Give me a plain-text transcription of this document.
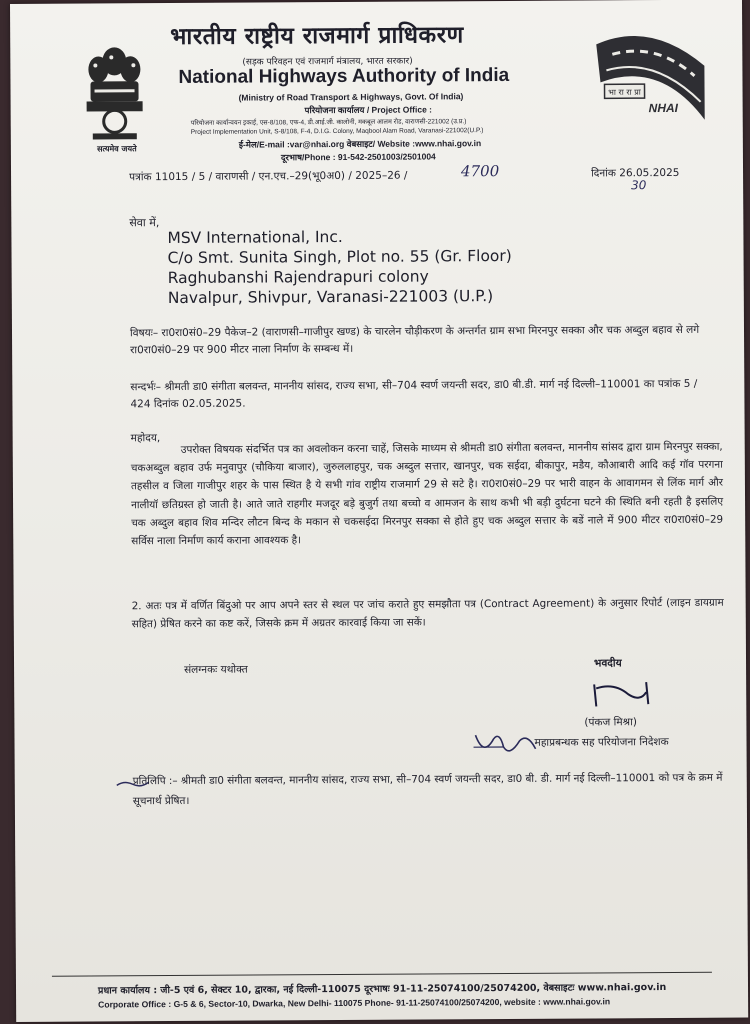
सत्यमेव जयते
भारतीय राष्ट्रीय राजमार्ग प्राधिकरण
(सड़क परिवहन एवं राजमार्ग मंत्रालय, भारत सरकार)
National Highways Authority of India
(Ministry of Road Transport & Highways, Govt. Of India)
परियोजना कार्यालय / Project Office :
परियोजना कार्यान्वयन इकाई, एस-8/108, एफ-4, डी.आई.जी. कालोनी, मकबूल आलम रोड, वाराणसी-221002 (उ.प्र.)
Project Implementation Unit, S-8/108, F-4, D.I.G. Colony, Maqbool Alam Road, Varanasi-221002(U.P.)
ई-मेल/E-mail :var@nhai.org वेबसाइट/ Website :www.nhai.gov.in
दूरभाष/Phone : 91-542-2501003/2501004
भा रा रा प्रा
NHAI
पत्रांक 11015 / 5 / वाराणसी / एन.एच.–29(भू0अ0) / 2025–26 /	4700	दिनांक 26.05.2025
30
सेवा में,
MSV International, Inc.
C/o Smt. Sunita Singh, Plot no. 55 (Gr. Floor)
Raghubanshi Rajendrapuri colony
Navalpur, Shivpur, Varanasi-221003 (U.P.)
विषयः– रा0रा0सं0–29 पैकेज–2 (वाराणसी–गाजीपुर खण्ड) के चारलेन चौड़ीकरण के अन्तर्गत ग्राम सभा मिरनपुर सक्का और चक अब्दुल बहाव से लगे रा0रा0सं0–29 पर 900 मीटर नाला निर्माण के सम्बन्ध में।
सन्दर्भः– श्रीमती डा0 संगीता बलवन्त, माननीय सांसद, राज्य सभा, सी–704 स्वर्ण जयन्ती सदर, डा0 बी.डी. मार्ग नई दिल्ली–110001 का पत्रांक 5 / 424 दिनांक 02.05.2025.
महोदय,
उपरोक्त विषयक संदर्भित पत्र का अवलोकन करना चाहें, जिसके माध्यम से श्रीमती डा0 संगीता बलवन्त, माननीय सांसद द्वारा ग्राम मिरनपुर सक्का, चकअब्दुल बहाव उर्फ मनुवापुर (चौकिया बाजार), जुरुललाहपुर, चक अब्दुल सत्तार, खानपुर, चक सईदा, बीकापुर, मडैय, कौआबारी आदि कई गॉव परगना तहसील व जिला गाजीपुर शहर के पास स्थित है ये सभी गांव राष्ट्रीय राजमार्ग 29 से सटे है। रा0रा0सं0–29 पर भारी वाहन के आवागमन से लिंक मार्ग और नालीयॉ छतिग्रस्त हो जाती है। आते जाते राहगीर मजदूर बड़े बुजुर्ग तथा बच्चो व आमजन के साथ कभी भी बड़ी दुर्घटना घटने की स्थिति बनी रहती है इसलिए चक अब्दुल बहाव शिव मन्दिर लौटन बिन्द के मकान से चकसईदा मिरनपुर सक्का से होते हुए चक अब्दुल सत्तार के बडें नाले में 900 मीटर रा0रा0सं0–29 सर्विस नाला निर्माण कार्य कराना आवश्यक है।
2. अतः पत्र में वर्णित बिंदुओ पर आप अपने स्तर से स्थल पर जांच कराते हुए समझौता पत्र (Contract Agreement) के अनुसार रिपोर्ट (लाइन डायग्राम सहित) प्रेषित करने का कष्ट करें, जिसके क्रम में अग्रतर कारवाई किया जा सकें।
संलग्नकः यथोक्त
भवदीय
(पंकज मिश्रा)
महाप्रबन्धक सह परियोजना निदेशक
प्रतिलिपि :– श्रीमती डा0 संगीता बलवन्त, माननीय सांसद, राज्य सभा, सी–704 स्वर्ण जयन्ती सदर, डा0 बी. डी. मार्ग नई दिल्ली–110001 को पत्र के क्रम में सूचनार्थ प्रेषित।
प्रधान कार्यालय : जी-5 एवं 6, सेक्टर 10, द्वारका, नई दिल्ली-110075 दूरभाषः 91-11-25074100/25074200, वेबसाइटः www.nhai.gov.in
Corporate Office : G-5 & 6, Sector-10, Dwarka, New Delhi- 110075 Phone- 91-11-25074100/25074200, website : www.nhai.gov.in
